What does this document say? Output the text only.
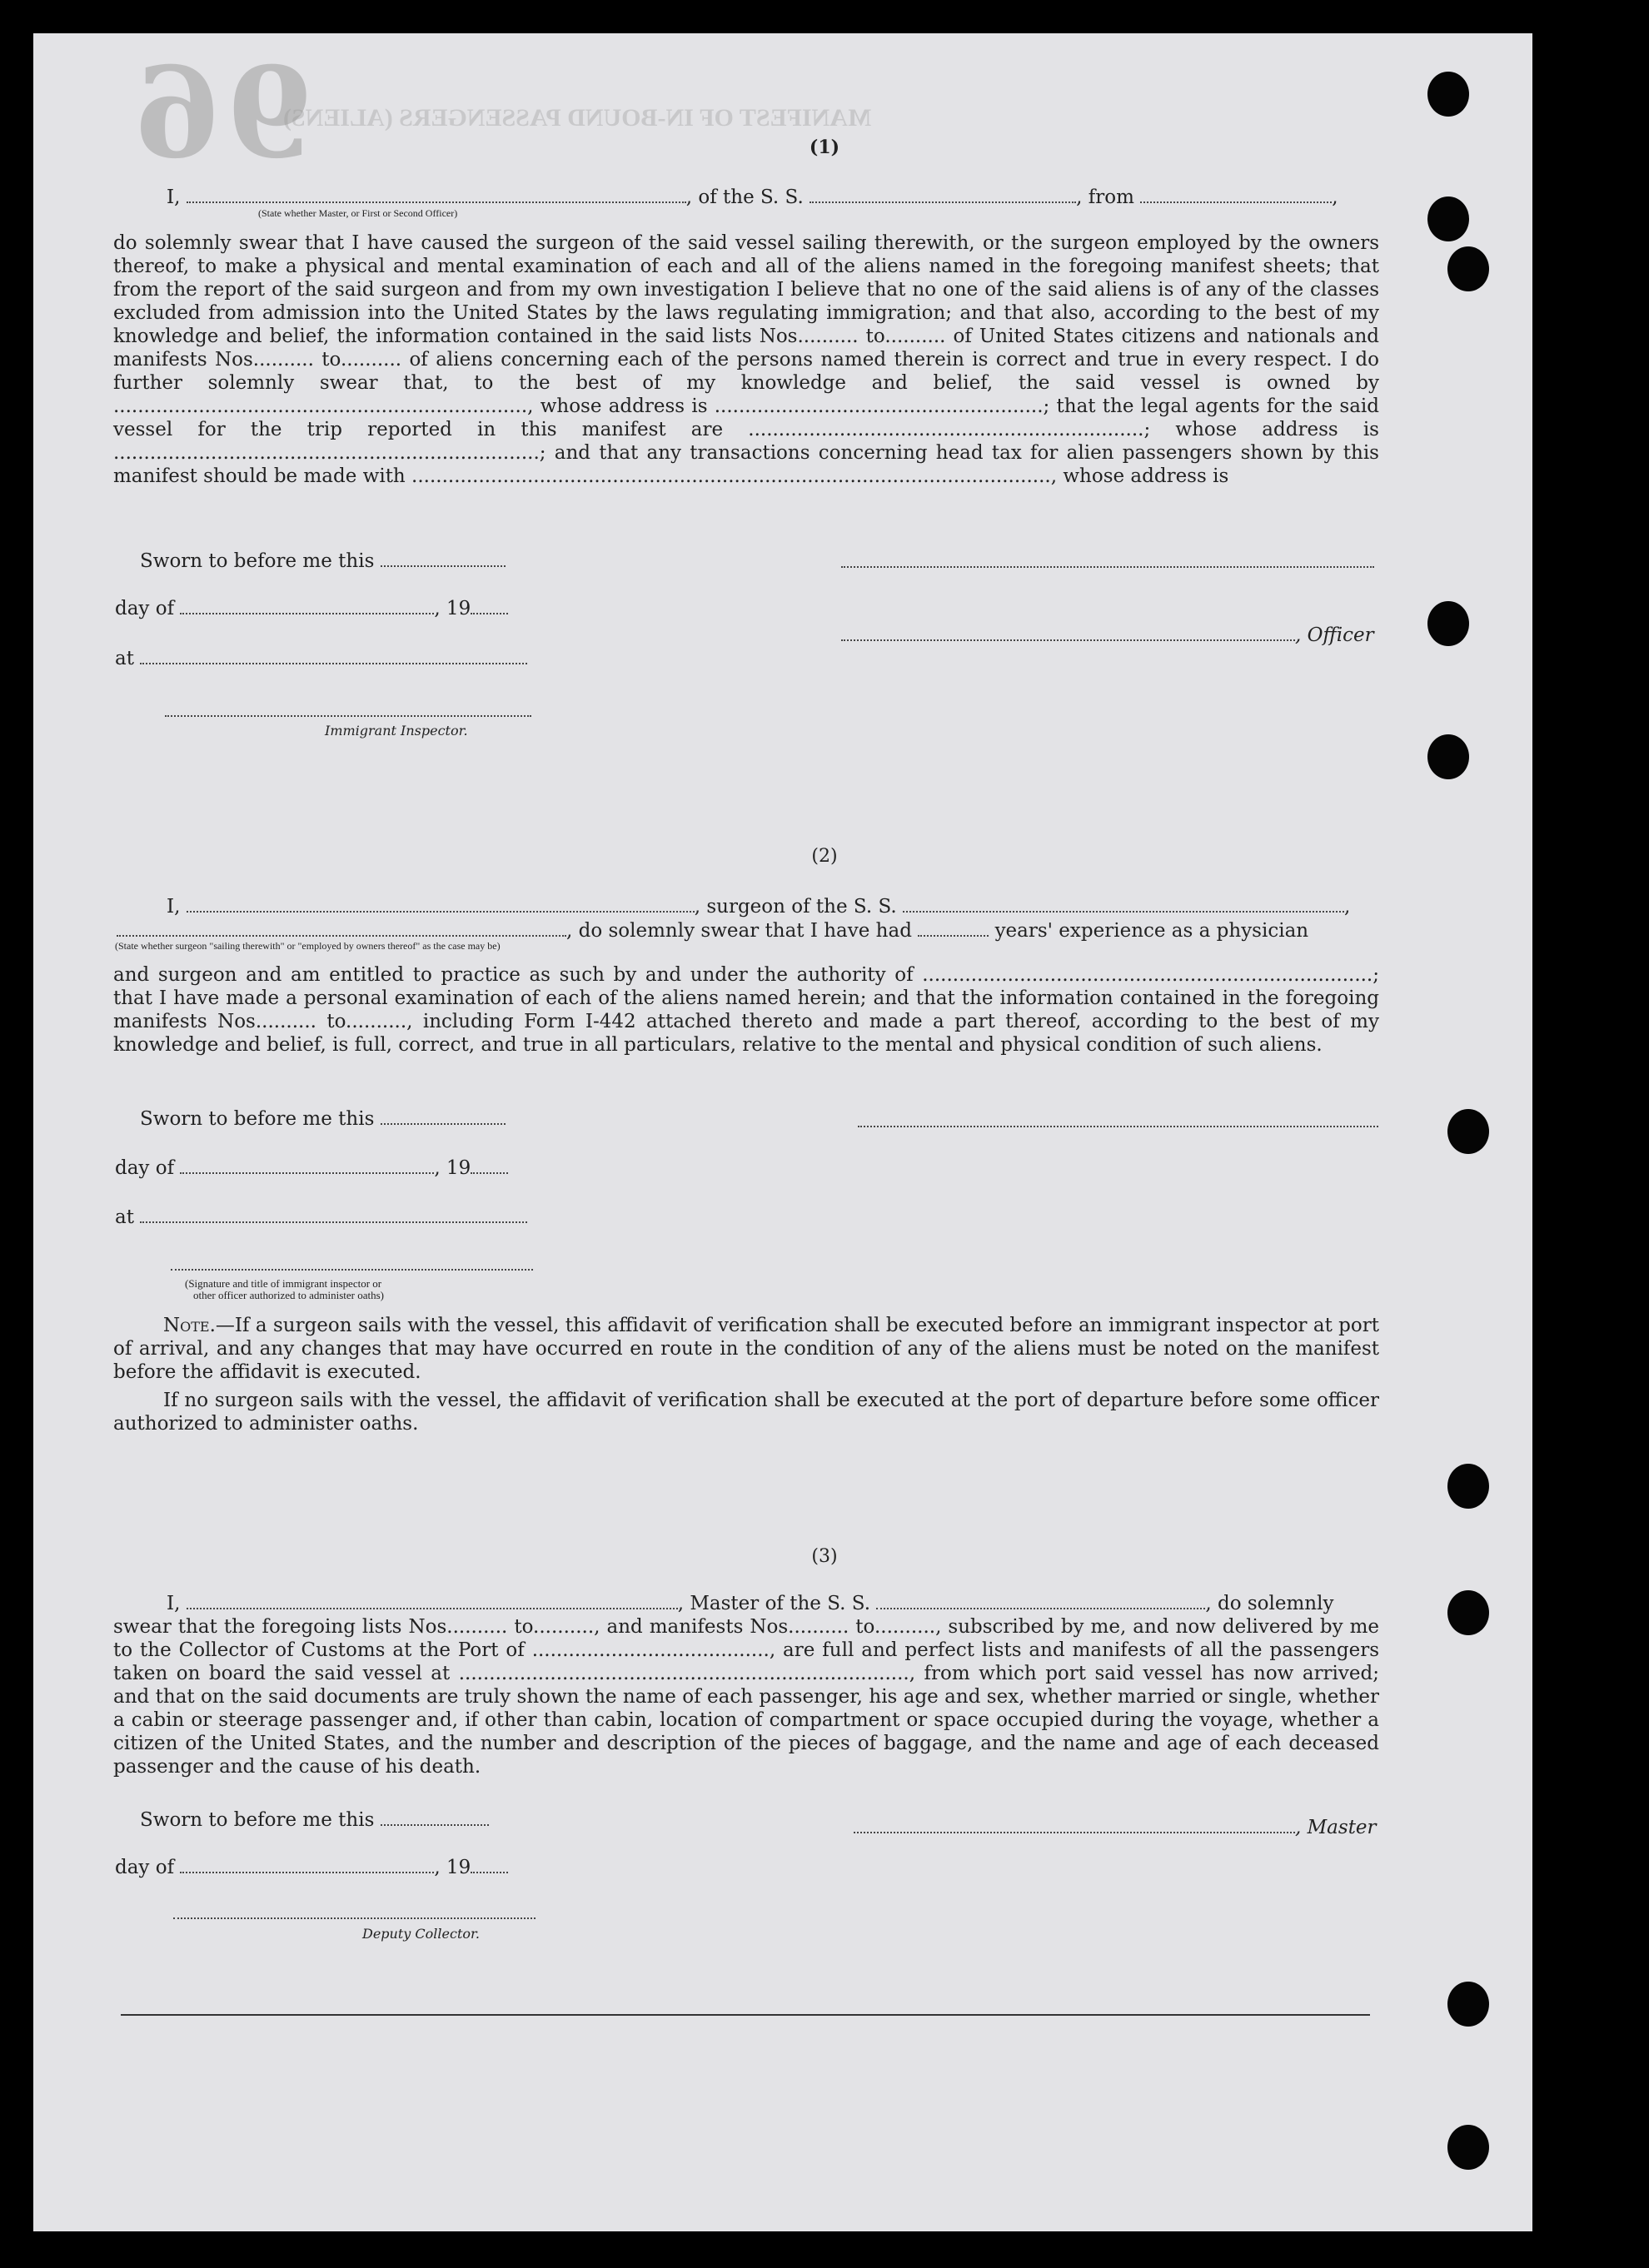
96
MANIFEST OF IN-BOUND PASSENGERS (ALIENS)
(1)
I,	, of the S. S.	, from	,
(State whether Master, or First or Second Officer)
do solemnly swear that I have caused the surgeon of the said vessel sailing therewith, or the surgeon employed by the owners thereof, to make a physical and mental examination of each and all of the aliens named in the foregoing manifest sheets; that from the report of the said surgeon and from my own investigation I believe that no one of the said aliens is of any of the classes excluded from admission into the United States by the laws regulating immigration; and that also, according to the best of my knowledge and belief, the information contained in the said lists Nos.......... to.......... of United States citizens and nationals and manifests Nos.......... to.......... of aliens concerning each of the persons named therein is correct and true in every respect. I do further solemnly swear that, to the best of my knowledge and belief, the said vessel is owned by ...................................................................., whose address is ......................................................; that the legal agents for the said vessel for the trip reported in this manifest are .................................................................; whose address is ......................................................................; and that any transactions concerning head tax for alien passengers shown by this manifest should be made with ........................................................................................................., whose address is
Sworn to before me this
day of	, 19
, Officer
at
Immigrant Inspector.
(2)
I,	, surgeon of the S. S.	,
, do solemnly swear that I have had	years' experience as a physician
(State whether surgeon "sailing therewith" or "employed by owners thereof" as the case may be)
and surgeon and am entitled to practice as such by and under the authority of ..........................................................................; that I have made a personal examination of each of the aliens named herein; and that the information contained in the foregoing manifests Nos.......... to.........., including Form I-442 attached thereto and made a part thereof, according to the best of my knowledge and belief, is full, correct, and true in all particulars, relative to the mental and physical condition of such aliens.
Sworn to before me this
day of	, 19
at
(Signature and title of immigrant inspector or
other officer authorized to administer oaths)
Note.—If a surgeon sails with the vessel, this affidavit of verification shall be executed before an immigrant inspector at port of arrival, and any changes that may have occurred en route in the condition of any of the aliens must be noted on the manifest before the affidavit is executed.
If no surgeon sails with the vessel, the affidavit of verification shall be executed at the port of departure before some officer authorized to administer oaths.
(3)
I,	, Master of the S. S.	, do solemnly
swear that the foregoing lists Nos.......... to.........., and manifests Nos.......... to.........., subscribed by me, and now delivered by me to the Collector of Customs at the Port of ......................................., are full and perfect lists and manifests of all the passengers taken on board the said vessel at .........................................................................., from which port said vessel has now arrived; and that on the said documents are truly shown the name of each passenger, his age and sex, whether married or single, whether a cabin or steerage passenger and, if other than cabin, location of compartment or space occupied during the voyage, whether a citizen of the United States, and the number and description of the pieces of baggage, and the name and age of each deceased passenger and the cause of his death.
Sworn to before me this	, Master
day of	, 19
Deputy Collector.
